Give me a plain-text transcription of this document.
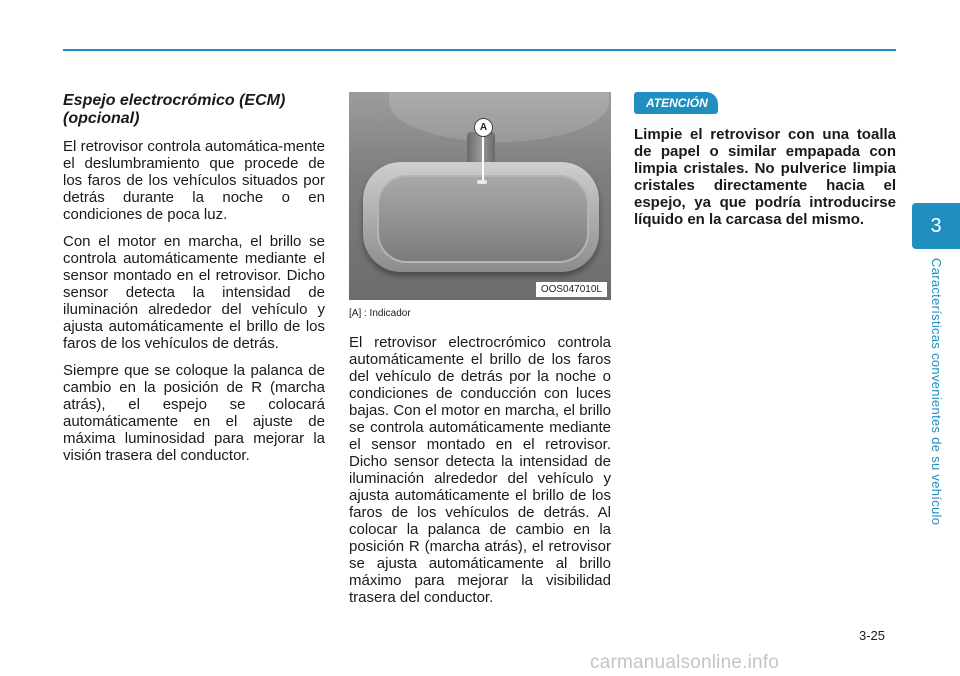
Espejo electrocrómico (ECM) (opcional)

El retrovisor controla automática-mente el deslumbramiento que procede de los faros de los vehículos situados por detrás durante la noche o en condiciones de poca luz.

Con el motor en marcha, el brillo se controla automáticamente mediante el sensor montado en el retrovisor. Dicho sensor detecta la intensidad de iluminación alrededor del vehículo y ajusta automáticamente el brillo de los faros de los vehículos de detrás.

Siempre que se coloque la palanca de cambio en la posición de R (marcha atrás), el espejo se colocará automáticamente en el ajuste de máxima luminosidad para mejorar la visión trasera del conductor.

A
OOS047010L
[A] : Indicador

El retrovisor electrocrómico controla automáticamente el brillo de los faros del vehículo de detrás por la noche o condiciones de conducción con luces bajas. Con el motor en marcha, el brillo se controla automáticamente mediante el sensor montado en el retrovisor. Dicho sensor detecta la intensidad de iluminación alrededor del vehículo y ajusta automáticamente el brillo de los faros de los vehículos de detrás. Al colocar la palanca de cambio en la posición R (marcha atrás), el retrovisor se ajusta automáticamente al brillo máximo para mejorar la visibilidad trasera del conductor.

ATENCIÓN

Limpie el retrovisor con una toalla de papel o similar empapada con limpia cristales. No pulverice limpia cristales directamente hacia el espejo, ya que podría introducirse líquido en la carcasa del mismo.	3
Características convenientes de su vehículo
3-25
carmanualsonline.info
